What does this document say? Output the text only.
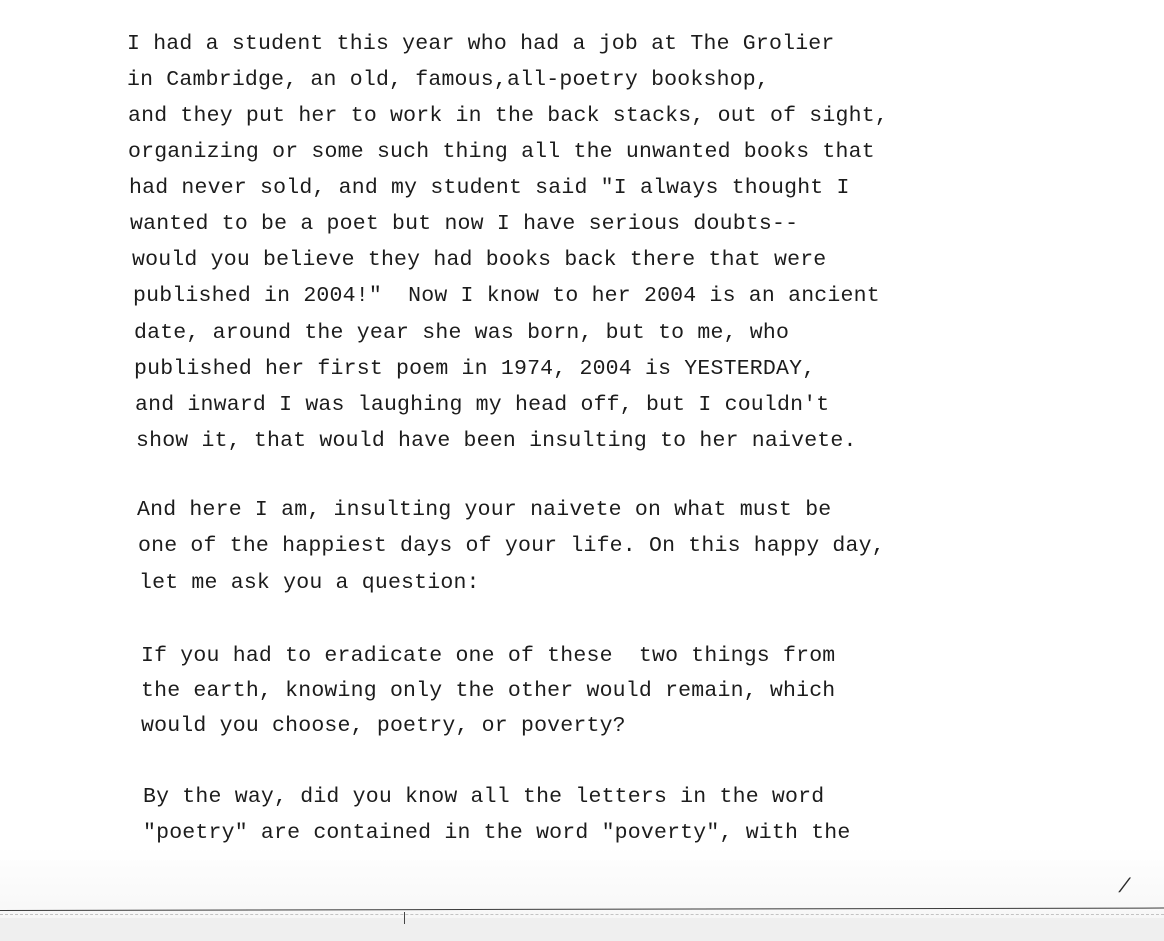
I had a student this year who had a job at The Grolier
in Cambridge, an old, famous,all-poetry bookshop,
and they put her to work in the back stacks, out of sight,
organizing or some such thing all the unwanted books that
had never sold, and my student said "I always thought I
wanted to be a poet but now I have serious doubts--
would you believe they had books back there that were
published in 2004!"  Now I know to her 2004 is an ancient
date, around the year she was born, but to me, who
published her first poem in 1974, 2004 is YESTERDAY,
and inward I was laughing my head off, but I couldn't
show it, that would have been insulting to her naivete.
And here I am, insulting your naivete on what must be
one of the happiest days of your life. On this happy day,
let me ask you a question:
If you had to eradicate one of these  two things from
the earth, knowing only the other would remain, which
would you choose, poetry, or poverty?
By the way, did you know all the letters in the word
"poetry" are contained in the word "poverty", with the
/
